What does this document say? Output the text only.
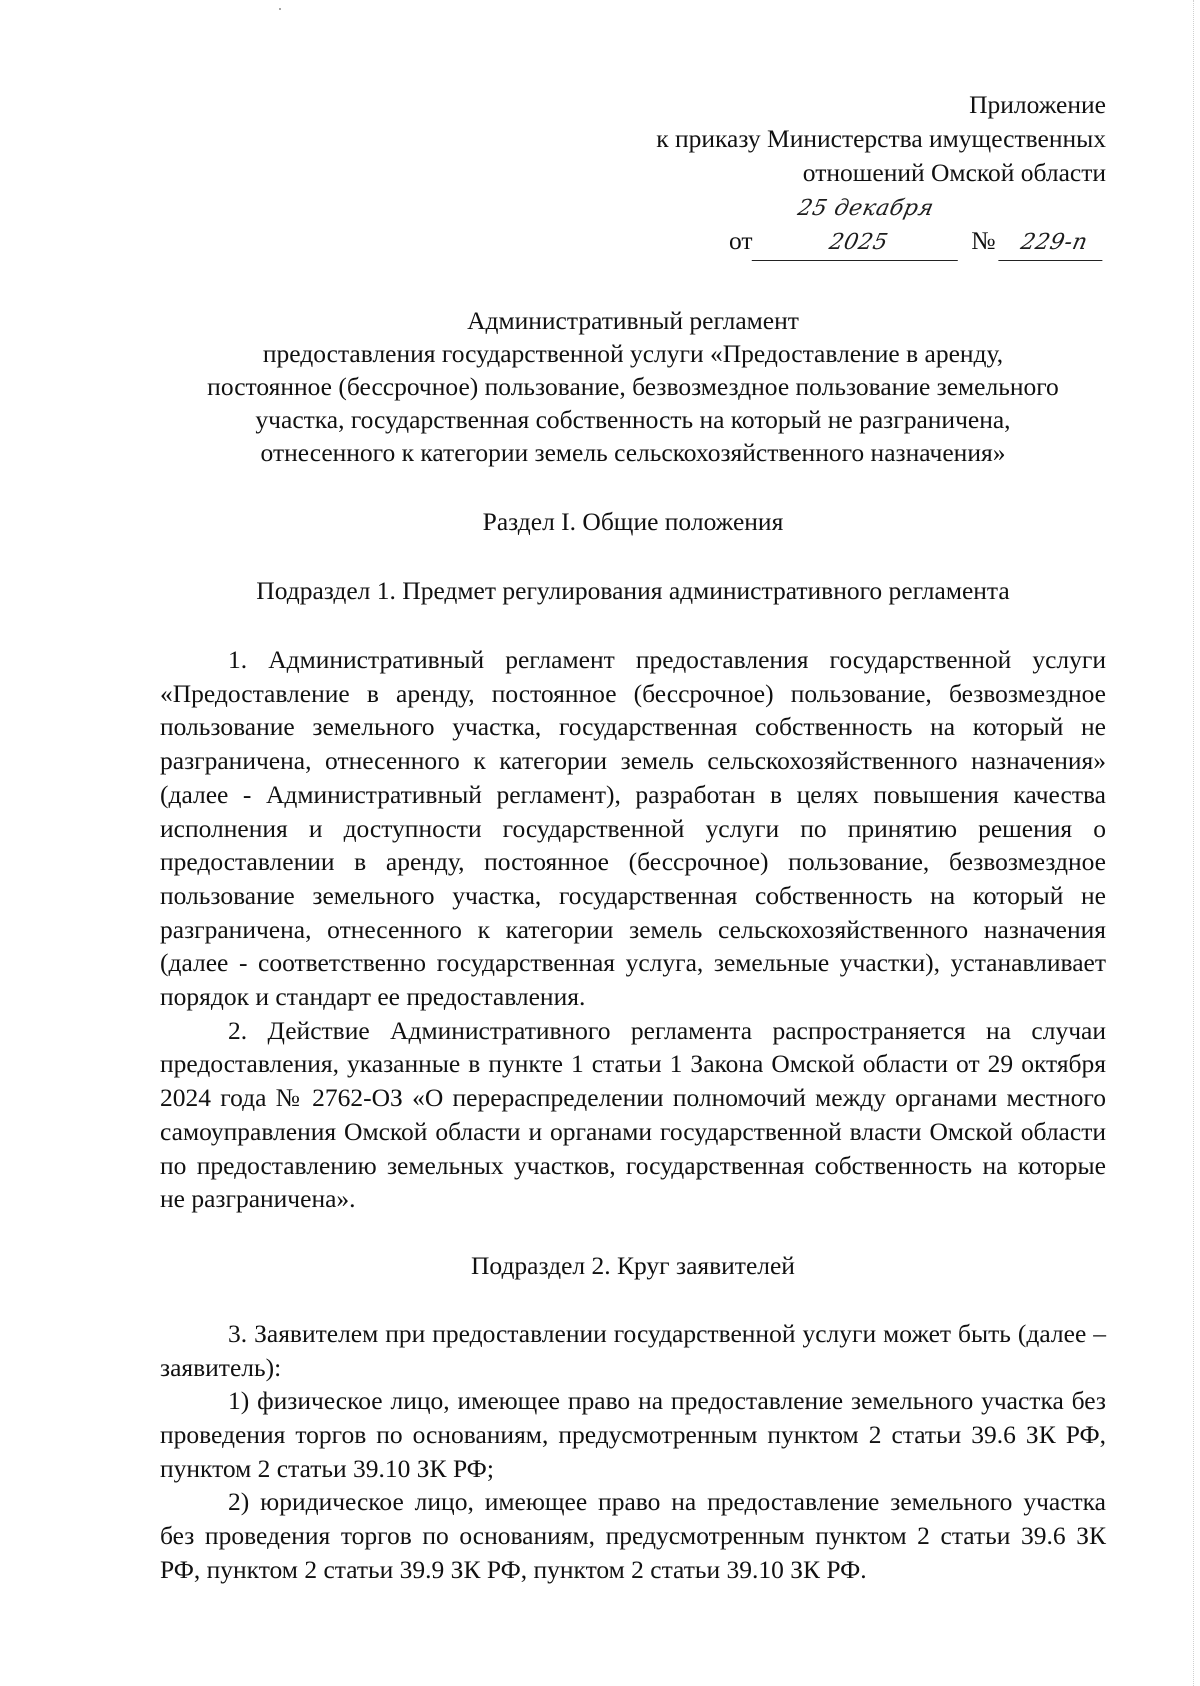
Приложение
к приказу Министерства имущественных
отношений Омской области
от 25 декабря 2025	№ 229-п
Административный регламент
предоставления государственной услуги «Предоставление в аренду,
постоянное (бессрочное) пользование, безвозмездное пользование земельного
участка, государственная собственность на который не разграничена,
отнесенного к категории земель сельскохозяйственного назначения»
Раздел I. Общие положения
Подраздел 1. Предмет регулирования административного регламента

1. Административный регламент предоставления государственной услуги «Предоставление в аренду, постоянное (бессрочное) пользование, безвозмездное пользование земельного участка, государственная собственность на который не разграничена, отнесенного к категории земель сельскохозяйственного назначения» (далее - Административный регламент), разработан в целях повышения качества исполнения и доступности государственной услуги по принятию решения о предоставлении в аренду, постоянное (бессрочное) пользование, безвозмездное пользование земельного участка, государственная собственность на который не разграничена, отнесенного к категории земель сельскохозяйственного назначения (далее - соответственно государственная услуга, земельные участки), устанавливает порядок и стандарт ее предоставления.

2. Действие Административного регламента распространяется на случаи предоставления, указанные в пункте 1 статьи 1 Закона Омской области от 29 октября 2024 года № 2762-ОЗ «О перераспределении полномочий между органами местного самоуправления Омской области и органами государственной власти Омской области по предоставлению земельных участков, государственная собственность на которые не разграничена».

Подраздел 2. Круг заявителей

3. Заявителем при предоставлении государственной услуги может быть (далее – заявитель):

1) физическое лицо, имеющее право на предоставление земельного участка без проведения торгов по основаниям, предусмотренным пунктом 2 статьи 39.6 ЗК РФ, пунктом 2 статьи 39.10 ЗК РФ;

2) юридическое лицо, имеющее право на предоставление земельного участка без проведения торгов по основаниям, предусмотренным пунктом 2 статьи 39.6 ЗК РФ, пунктом 2 статьи 39.9 ЗК РФ, пунктом 2 статьи 39.10 ЗК РФ.
